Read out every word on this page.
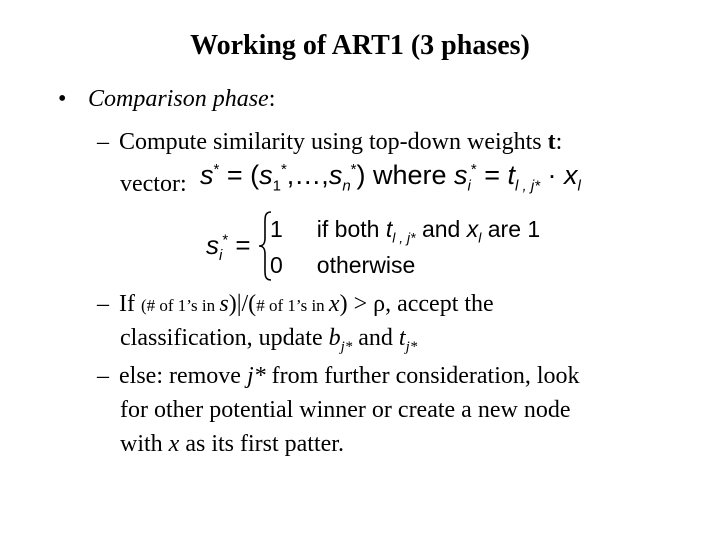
Working of ART1 (3 phases)
• Comparison phase:
– Compute similarity using top-down weights t:
vector: $s^* = (s_1^*,\dots,s_n^*)$ where $s_i^* = t_{l , j*} \cdot x_l$
$s_i^*$ =
1 if both $t_{l , j*}$ and $x_l$ are 1
0 otherwise
– If (# of 1’s in s)|/(# of 1’s in x) > ρ, accept the
classification, update $b_{j*}$ and $t_{j*}$
– else: remove j* from further consideration, look
for other potential winner or create a new node
with x as its first patter.
